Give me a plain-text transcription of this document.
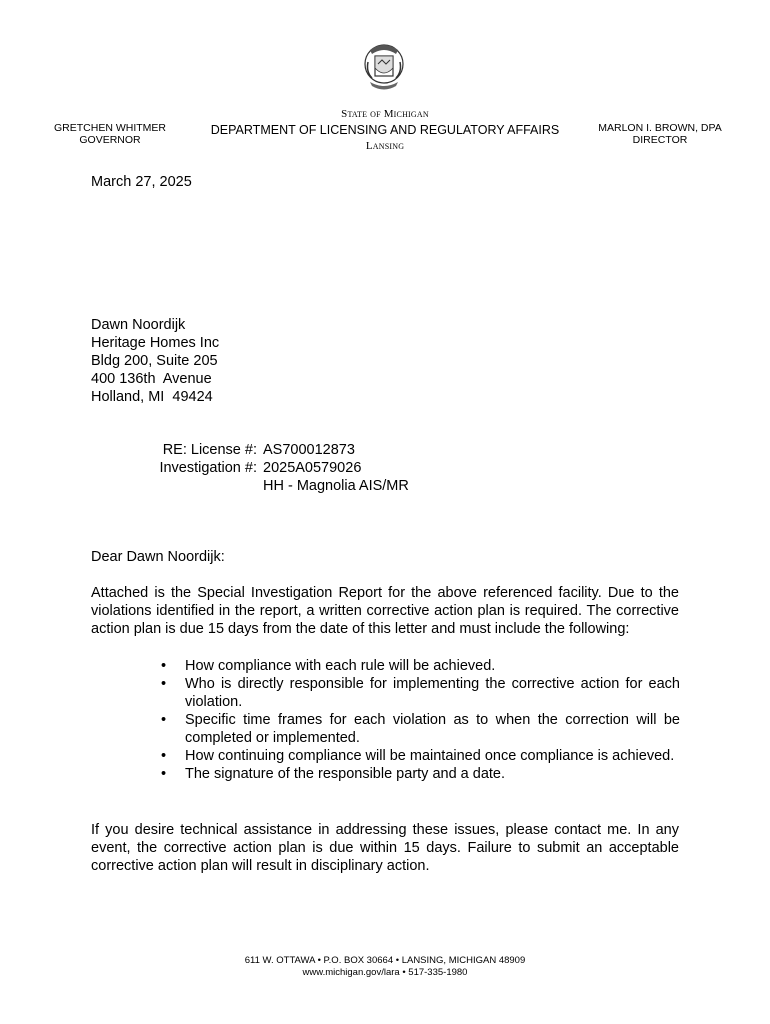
GRETCHEN WHITMER
GOVERNOR
State of Michigan
DEPARTMENT OF LICENSING AND REGULATORY AFFAIRS
Lansing
MARLON I. BROWN, DPA
DIRECTOR
March 27, 2025
Dawn Noordijk
Heritage Homes Inc
Bldg 200, Suite 205
400 136th  Avenue
Holland, MI  49424
RE: License #: AS700012873
Investigation #: 2025A0579026
HH - Magnolia AIS/MR
Dear Dawn Noordijk:
Attached is the Special Investigation Report for the above referenced facility. Due to the violations identified in the report, a written corrective action plan is required. The corrective action plan is due 15 days from the date of this letter and must include the following:
• How compliance with each rule will be achieved.
• Who is directly responsible for implementing the corrective action for each violation.
• Specific time frames for each violation as to when the correction will be completed or implemented.
• How continuing compliance will be maintained once compliance is achieved.
• The signature of the responsible party and a date.
If you desire technical assistance in addressing these issues, please contact me. In any event, the corrective action plan is due within 15 days. Failure to submit an acceptable corrective action plan will result in disciplinary action.
611 W. OTTAWA • P.O. BOX 30664 • LANSING, MICHIGAN 48909
www.michigan.gov/lara • 517-335-1980
